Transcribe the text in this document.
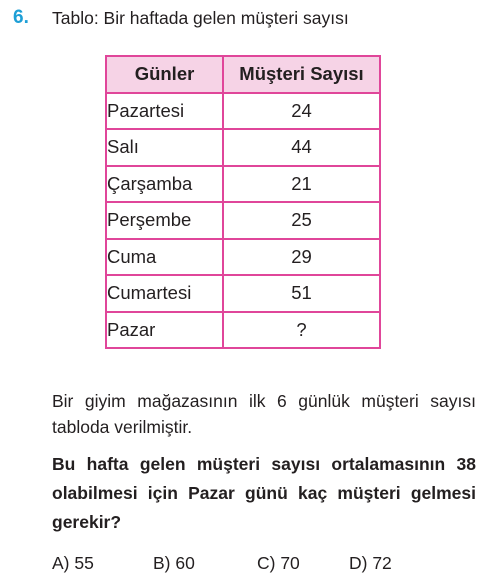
6. Tablo: Bir haftada gelen müşteri sayısı
Günler	Müşteri Sayısı
Pazartesi	24
Salı	44
Çarşamba	21
Perşembe	25
Cuma	29
Cumartesi	51
Pazar	?
Bir giyim mağazasının ilk 6 günlük müşteri sayısı tabloda verilmiştir.
Bu hafta gelen müşteri sayısı ortalamasının 38 olabilmesi için Pazar günü kaç müşteri gelmesi gerekir?
A) 55	B) 60	C) 70	D) 72
